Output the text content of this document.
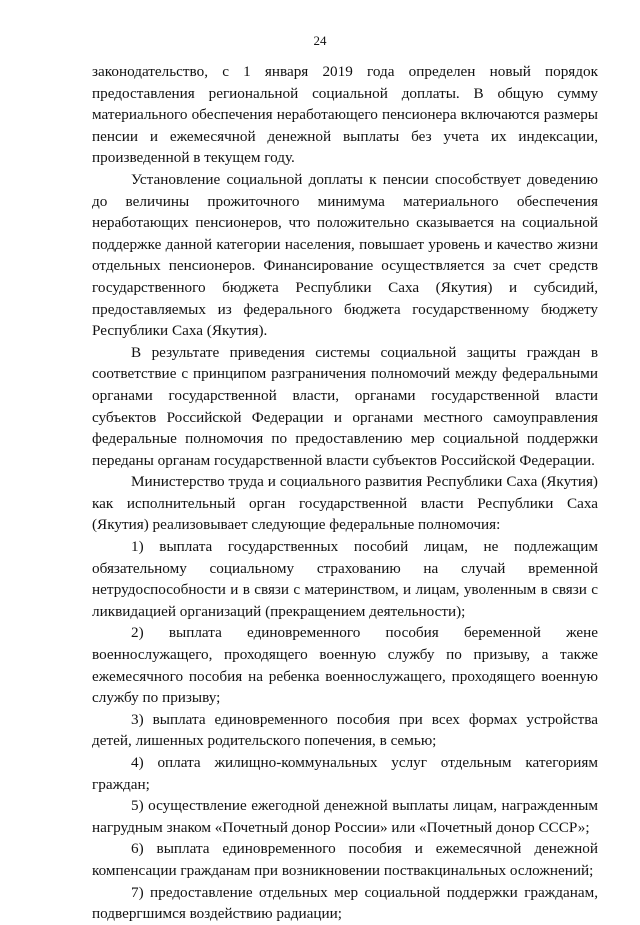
24

законодательство, с 1 января 2019 года определен новый порядок предоставления региональной социальной доплаты. В общую сумму материального обеспечения неработающего пенсионера включаются размеры пенсии и ежемесячной денежной выплаты без учета их индексации, произведенной в текущем году.

Установление социальной доплаты к пенсии способствует доведению до величины прожиточного минимума материального обеспечения неработающих пенсионеров, что положительно сказывается на социальной поддержке данной категории населения, повышает уровень и качество жизни отдельных пенсионеров. Финансирование осуществляется за счет средств государственного бюджета Республики Саха (Якутия) и субсидий, предоставляемых из федерального бюджета государственному бюджету Республики Саха (Якутия).

В результате приведения системы социальной защиты граждан в соответствие с принципом разграничения полномочий между федеральными органами государственной власти, органами государственной власти субъектов Российской Федерации и органами местного самоуправления федеральные полномочия по предоставлению мер социальной поддержки переданы органам государственной власти субъектов Российской Федерации.

Министерство труда и социального развития Республики Саха (Якутия) как исполнительный орган государственной власти Республики Саха (Якутия) реализовывает следующие федеральные полномочия:

1) выплата государственных пособий лицам, не подлежащим обязательному социальному страхованию на случай временной нетрудоспособности и в связи с материнством, и лицам, уволенным в связи с ликвидацией организаций (прекращением деятельности);

2) выплата единовременного пособия беременной жене военнослужащего, проходящего военную службу по призыву, а также ежемесячного пособия на ребенка военнослужащего, проходящего военную службу по призыву;

3) выплата единовременного пособия при всех формах устройства детей, лишенных родительского попечения, в семью;

4) оплата жилищно-коммунальных услуг отдельным категориям граждан;

5) осуществление ежегодной денежной выплаты лицам, награжденным нагрудным знаком «Почетный донор России» или «Почетный донор СССР»;

6) выплата единовременного пособия и ежемесячной денежной компенсации гражданам при возникновении поствакцинальных осложнений;

7) предоставление отдельных мер социальной поддержки гражданам, подвергшимся воздействию радиации;
